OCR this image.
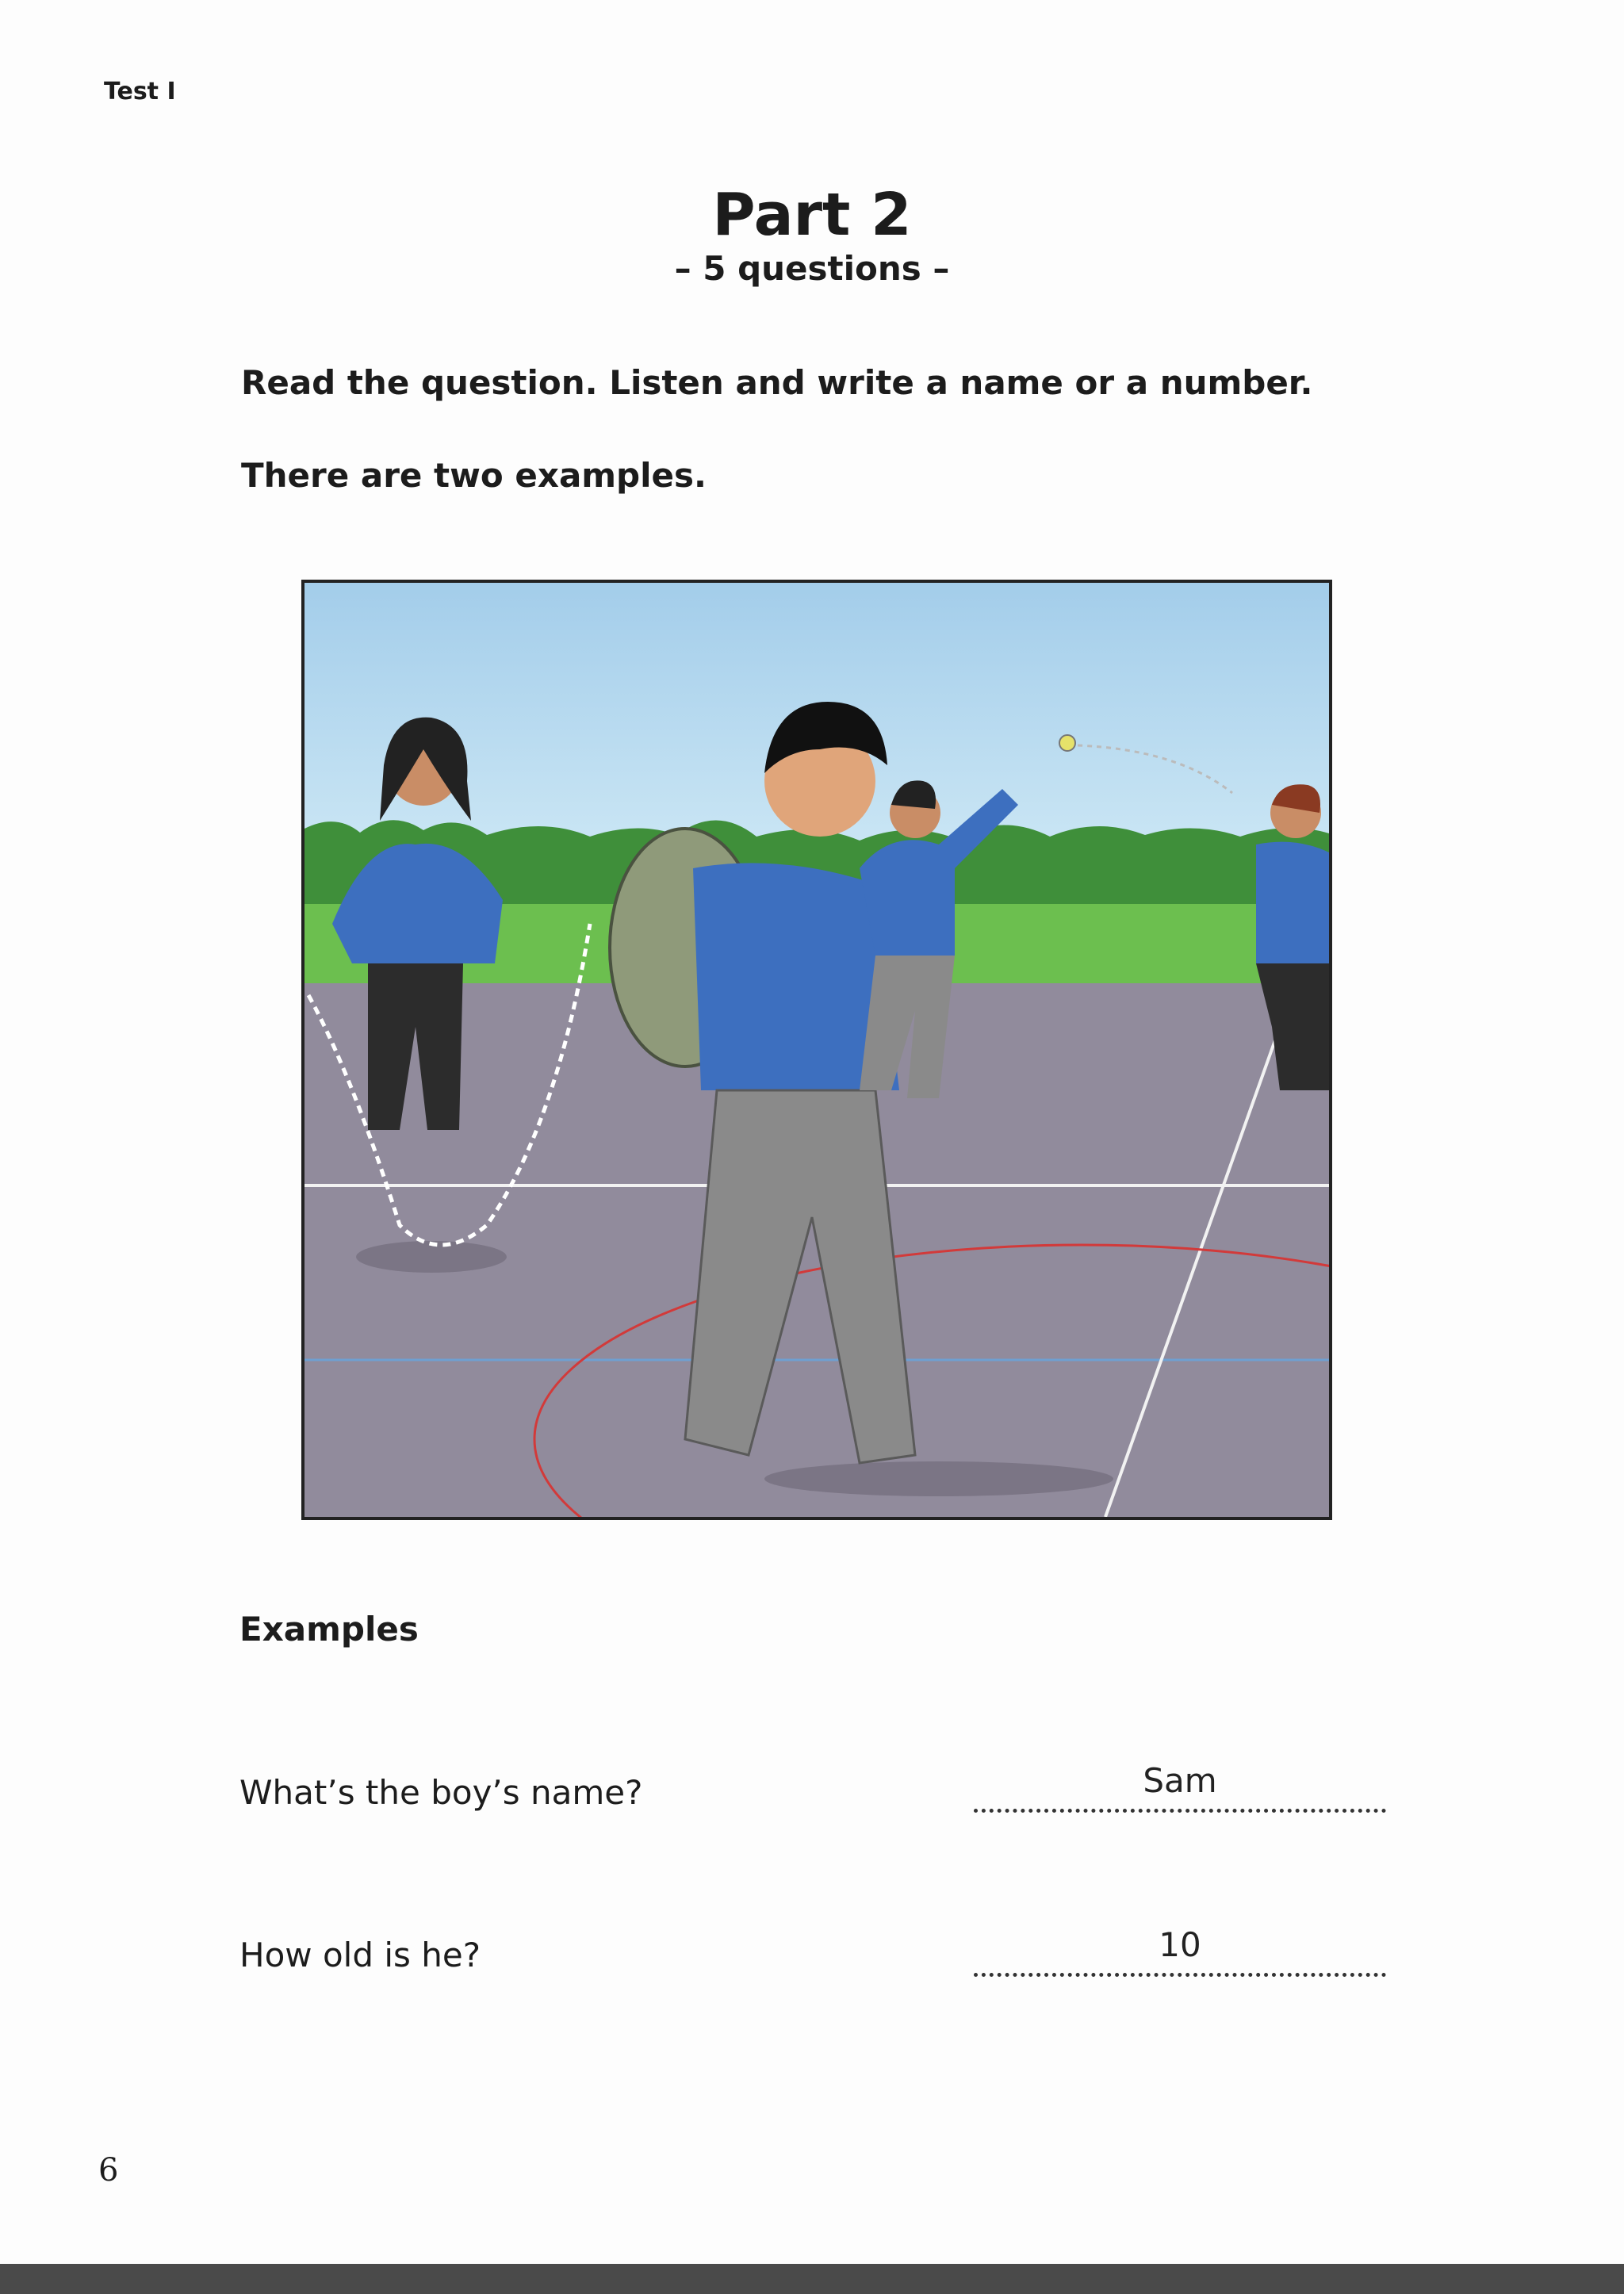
Test I
Part 2
– 5 questions –
Read the question. Listen and write a name or a number.
There are two examples.
Examples
What’s the boy’s name?	Sam
How old is he?	10
6
